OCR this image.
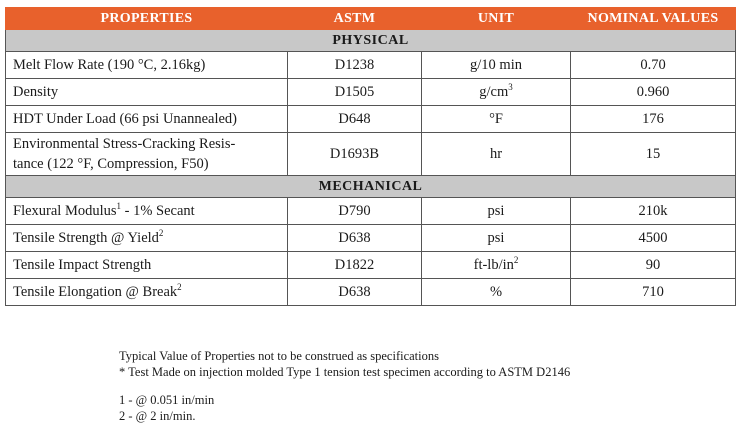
PROPERTIES	ASTM	UNIT	NOMINAL VALUES
PHYSICAL			
Melt Flow Rate (190 °C, 2.16kg)	D1238	g/10 min	0.70
Density	D1505	$g/cm^3$	0.960
HDT Under Load (66 psi Unannealed)	D648	°F	176
Environmental Stress-Cracking Resis-
tance (122 °F, Compression, F50)	D1693B	hr	15
MECHANICAL			
Flexural Modulus$^1$ - 1% Secant	D790	psi	210k
Tensile Strength @ Yield$^2$	D638	psi	4500
Tensile Impact Strength	D1822	$ft-lb/in^2$	90
Tensile Elongation @ Break$^2$	D638	%	710
Typical Value of Properties not to be construed as specifications
* Test Made on injection molded Type 1 tension test specimen according to ASTM D2146
1 - @ 0.051 in/min
2 - @ 2 in/min.
